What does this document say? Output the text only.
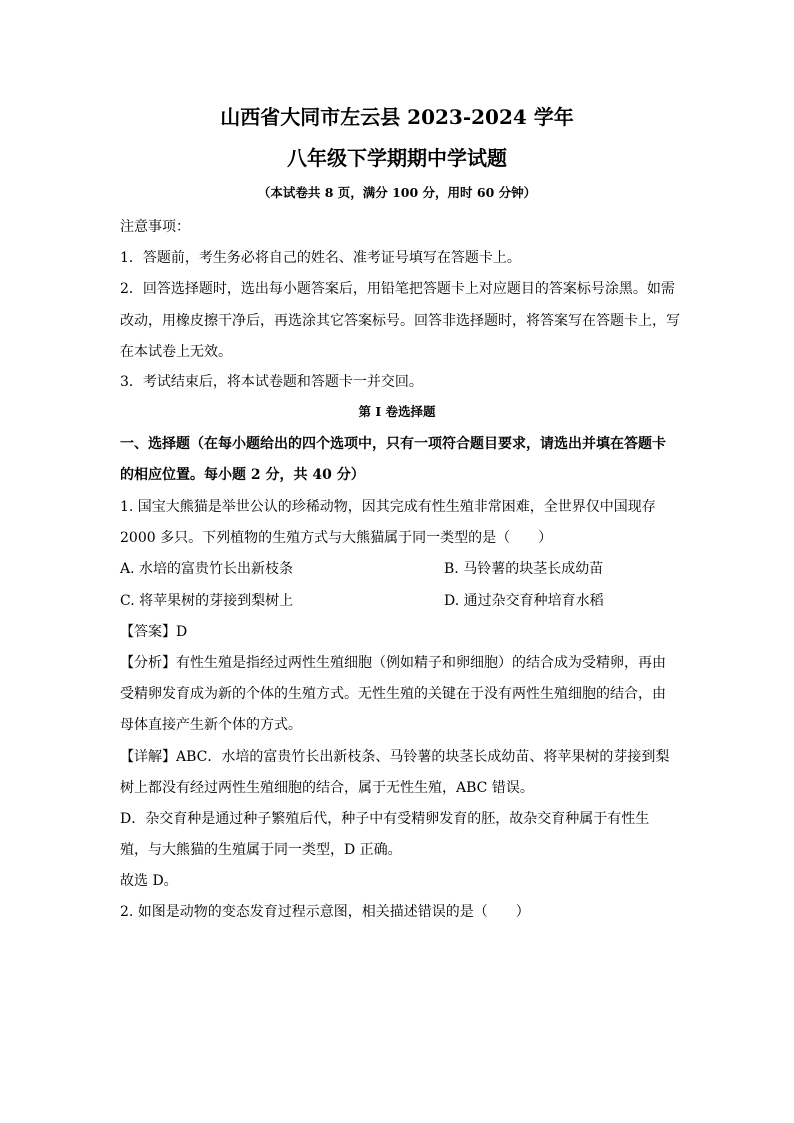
山西省大同市左云县 2023-2024 学年
八年级下学期期中学试题
（本试卷共 8 页，满分 100 分，用时 60 分钟）
注意事项：
1．答题前，考生务必将自己的姓名、准考证号填写在答题卡上。
2．回答选择题时，选出每小题答案后，用铅笔把答题卡上对应题目的答案标号涂黑。如需
改动，用橡皮擦干净后，再选涂其它答案标号。回答非选择题时，将答案写在答题卡上，写
在本试卷上无效。
3．考试结束后，将本试卷题和答题卡一并交回。
第 I 卷选择题
一、选择题（在每小题给出的四个选项中，只有一项符合题目要求，请选出并填在答题卡
的相应位置。每小题 2 分，共 40 分）
1. 国宝大熊猫是举世公认的珍稀动物，因其完成有性生殖非常困难，全世界仅中国现存
2000 多只。下列植物的生殖方式与大熊猫属于同一类型的是（　　）
A. 水培的富贵竹长出新枝条	B. 马铃薯的块茎长成幼苗
C. 将苹果树的芽接到梨树上	D. 通过杂交育种培育水稻
【答案】D
【分析】有性生殖是指经过两性生殖细胞（例如精子和卵细胞）的结合成为受精卵，再由
受精卵发育成为新的个体的生殖方式。无性生殖的关键在于没有两性生殖细胞的结合，由
母体直接产生新个体的方式。
【详解】ABC．水培的富贵竹长出新枝条、马铃薯的块茎长成幼苗、将苹果树的芽接到梨
树上都没有经过两性生殖细胞的结合，属于无性生殖，ABC 错误。
D．杂交育种是通过种子繁殖后代，种子中有受精卵发育的胚，故杂交育种属于有性生
殖，与大熊猫的生殖属于同一类型，D 正确。
故选 D。
2. 如图是动物的变态发育过程示意图，相关描述错误的是（　　）
